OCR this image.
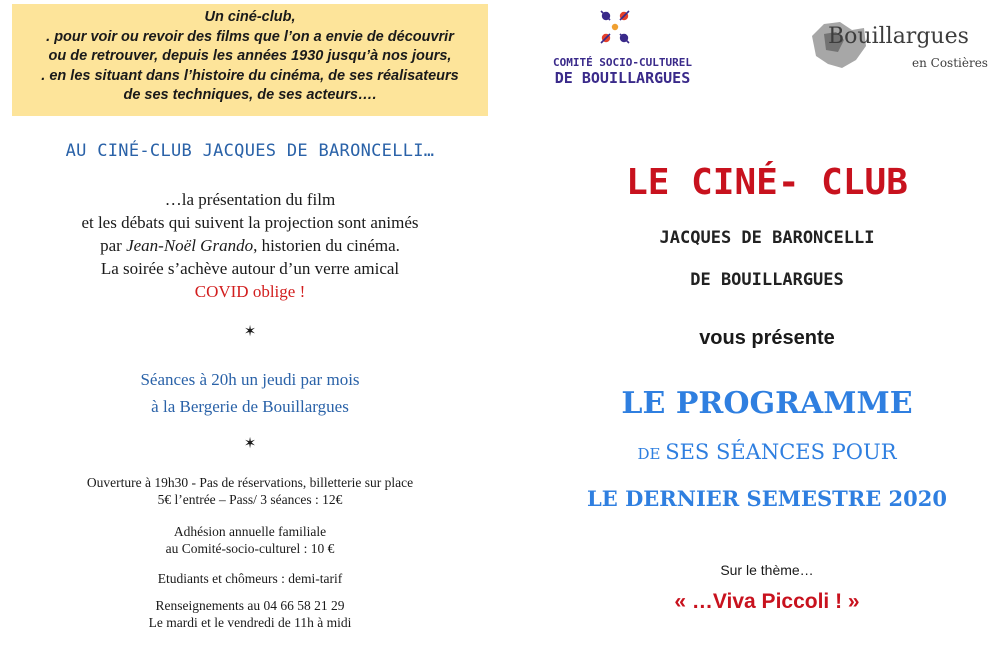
Un ciné-club,
. pour voir ou revoir des films que l’on a envie de découvrir
ou de retrouver, depuis les années 1930 jusqu’à nos jours,
. en les situant dans l’histoire du cinéma, de ses réalisateurs
de ses techniques, de ses acteurs….
AU CINÉ-CLUB JACQUES DE BARONCELLI…
…la présentation du film
et les débats qui suivent la projection sont animés
par Jean-Noël Grando, historien du cinéma.
La soirée s’achève autour d’un verre amical
COVID oblige !
✶
Séances à 20h un jeudi par mois
à la Bergerie de Bouillargues
✶
Ouverture à 19h30 - Pas de réservations, billetterie sur place
5€ l’entrée – Pass/ 3 séances : 12€
Adhésion annuelle familiale
au Comité-socio-culturel : 10 €
Etudiants et chômeurs : demi-tarif
Renseignements au 04 66 58 21 29
Le mardi et le vendredi de 11h à midi
COMITÉ SOCIO-CULTUREL
DE BOUILLARGUES
Bouillargues
en Costières
LE CINÉ- CLUB
JACQUES DE BARONCELLI
DE BOUILLARGUES
vous présente
LE PROGRAMME
DE SES SÉANCES POUR
LE DERNIER SEMESTRE 2020
Sur le thème…
« …Viva Piccoli ! »
